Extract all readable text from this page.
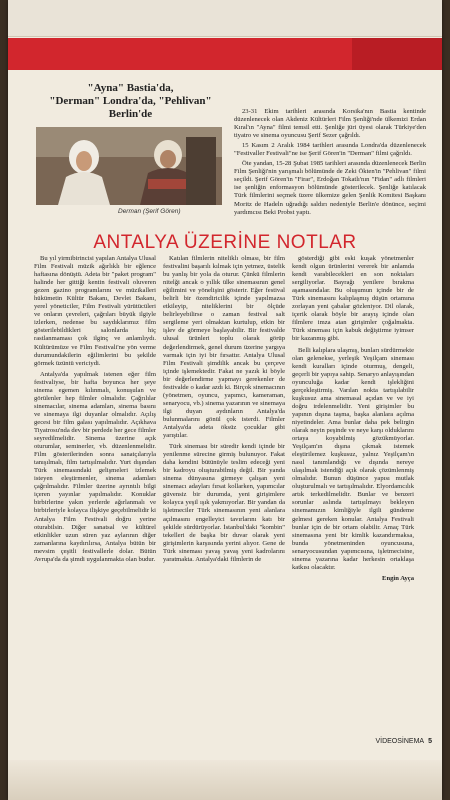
"Ayna" Bastia'da,
"Derman" Londra'da, "Pehlivan" Berlin'de
Derman (Şerif Gören)

23-31 Ekim tarihleri arasında Korsika'nın Bastia kentinde düzenlenecek olan Akdeniz Kültürleri Film Şenliği'nde ülkemizi Erdan Kıral'ın "Ayna" filmi temsil etti. Şenliğe jüri üyesi olarak Türkiye'den tiyatro ve sinema oyuncusu Şerif Sezer çağrıldı.

15 Kasım 2 Aralık 1984 tarihleri arasında Londra'da düzenlenecek "Festivaller Festivali"ne ise Şerif Gören'in "Derman" filmi çağrıldı.

Öte yandan, 15-28 Şubat 1985 tarihleri arasında düzenlenecek Berlin Film Şenliği'nin yarışmalı bölümünde de Zeki Ökten'in "Pehlivan" filmi seçildi. Şerif Gören'in "Firar", Erdoğan Tokatlı'nın "Fidan" adlı filmleri ise şenliğin enformasyon bölümünde gösterilecek. Şenliğe katılacak Türk filmlerini seçmek üzere ülkemize gelen Şenlik Komitesi Başkanı Moritz de Hadeln uğradığı saldırı nedeniyle Berlin'e dönünce, seçimi yardımcısı Beki Probst yaptı.

ANTALYA ÜZERİNE NOTLAR

Bu yıl yirmibirincisi yapılan Antalya Ulusal Film Festivali müzik ağırlıklı bir eğlence haftasına dönüştü. Adeta bir "paket program" halinde her gittiği kentin festivali oluveren gezen gazino programlarını ve müzikalleri hükümetin Kültür Bakanı, Devlet Bakanı, yerel yöneticiler, Film Festivali yürütücüleri ve onların çevreleri, çağrıları büyük ilgiyle izlerken, nedense bu saydıklarımız film gösterilebildikleri salonlarda hiç rastlanmaması çok ilginç ve anlamlıydı. Kültürümüze ve Film Festivali'ne yön verme durumundakilerin eğilimlerini bu şekilde görmek üzüntü vericiydi.

Antalya'da yapılmak istenen eğer film festivaliyse, bir hafta boyunca her şeye sinema egemen kılınmalı, konuşulan ve görülenler hep filmler olmalıdır. Çağrılılar sinemacılar, sinema adamları, sinema basını ve sinemaya ilgi duyanlar olmalıdır. Açılış gecesi bir film galası yapılmalıdır. Açıkhava Tiyatrosu'nda dev bir perdede her gece filmler seyredilmelidir. Sinema üzerine açık oturumlar, seminerler, vb. düzenlenmelidir. Film gösterilerinden sonra sanatçılarıyla tanışılmalı, film tartışılmalıdır. Yurt dışından Türk sinemasındaki gelişmeleri izlemek isteyen eleştirmenler, sinema adamları çağrılmalıdır. Filmler üzerine ayrıntılı bilgi içeren yayınlar yapılmalıdır. Konuklar birbirlerine yakın yerlerde ağırlanmalı ve birbirleriyle kolayca ilişkiye geçebilmelidir ki Antalya Film Festivali doğru yerine oturabilsin. Diğer sanatsal ve kültürel etkinlikler uzun süren yaz aylarının diğer zamanlarına kaydırılırsa, Antalya bütün bir mevsim çeşitli festivallerle dolar. Bütün Avrupa'da da şimdi uygulanmakta olan budur.

Katılan filmlerin niteliklı olması, bir film festivalini başarılı kılmak için yetmez, üstelik bu yanlış bir yola da oturur. Çünkü filmlerin nitelği ancak o yıllık ülke sinemasının genel eğilimini ve yönelişini gösterir. Eğer festival belirli bir özendiricilik içinde yapılmazsa etkileyip, niteliklerini bir ölçüde belirleyebilirse o zaman festival salt sergileme yeri olmaktan kurtulup, etkin bir işlev de görmeye başlayabilir. Bir festivalde ulusal ürünleri toplu olarak görüp değerlendirmek, genel durum üzerine yargıya varmak için iyi bir fırsattır. Antalya Ulusal Film Festivali şimdilik ancak bu çerçeve içinde işlemektedir. Fakat ne yazık ki böyle bir değerlendirme yapmayı gerekenler de festivalde o kadar azdı ki. Birçok sinemacının (yönetmen, oyuncu, yapımcı, kameraman, senaryocu, vb.) sinema yazarının ve sinemaya ilgi duyan aydınların Antalya'da bulunmalarını gönül çok isterdi. Filmler Antalya'da adeta öksüz çocuklar gibi yarıştılar.

Türk sineması bir süredir kendi içinde bir yenilenme sürecine girmiş bulunuyor. Fakat daha kendini bütünüyle teslim edeceği yeni bir kadroyu oluşturabilmiş değil. Bir yanda sinema dünyasına girmeye çalışan yeni sinemacı adayları fırsat kollarken, yapımcılar güvensiz bir durumda, yeni girişimlere kolayca yeşil ışık yakmıyorlar. Bir yandan da işletmeciler Türk sinemasının yeni alanlara açılmasını engelleyici tavırlarını katı bir şekilde sürdürüyorlar. İstanbul'daki "kombin" tekelleri de başka bir duvar olarak yeni girişimlerin karşısında yerini alıyor. Gene de Türk sineması yavaş yavaş yeni kadrolarını yaratmakta. Antalya'daki filmlerin de

gösterdiği gibi eski kuşak yönetmenler kendi olgun ürünlerini vererek bir anlamda kendi varabilecekleri en son noktaları sergiliyorlar. Bayrağı yenilere bırakma aşamasındalar. Bu oluşumun içinde bir de Türk sinemasını kalıplaşmış düşün ortamına zorlayan yeni çabalar gözleniyor. Dil olarak, içerik olarak böyle bir arayış içinde olan filmlere imza atan girişimler çoğalmakta. Türk sineması için kabuk değiştirme iyimser bir kazanmış gibi.

Belli kalıplara ulaşmış, bunları sürdürmekte olan gelenekse, yerleşik Yeşilçam sineması kendi kuralları içinde oturmuş, dengeli, geçerli bir yapıya sahip. Senaryo anlayışından oyunculuğa kadar kendi işlekliğini gerçekleştirmiş. Varılan nokta tartışılabilir kuşkusuz ama sinemasal açıdan ve ve iyi doğru irdelenmelidir. Yeni girişimler bu yapının dışına taşma, başka alanlara açılma niyetindeler. Ama bunlar daha pek belirgin olarak neyin peşinde ve neye karşı olduklarını ortaya koyabilmiş gözükmüyorlar. Yeşilçam'ın dışına çıkmak istemek eleştirilemez kuşkusuz, yalnız Yeşilçam'ın nasıl tanımlandığı ve dışında nereye ulaşılmak istendiği açık olarak çözümlenmiş olmalıdır. Bunun düşünce yapısı mutlak oluşturulmalı ve tartışılmalıdır. Elyordamcılık artık terkedilmelidir. Bunlar ve benzeri sorunlar aslında tartışılmayı bekleyen sinemamızın kimliğiyle ilgili gündeme gelmesi gereken konular. Antalya Festivali bunlar için de bir ortam olabilir. Amaç Türk sinemasına yeni bir kimlik kazandırmaksa, bunda yönetmeninden oyuncusuna, senaryocusundan yapımcısına, işletmecisine, sinema yazarına kadar herkesin ortaklaşa katkısı olacaktır.

Engin Ayça
VİDEOSİNEMA 5
